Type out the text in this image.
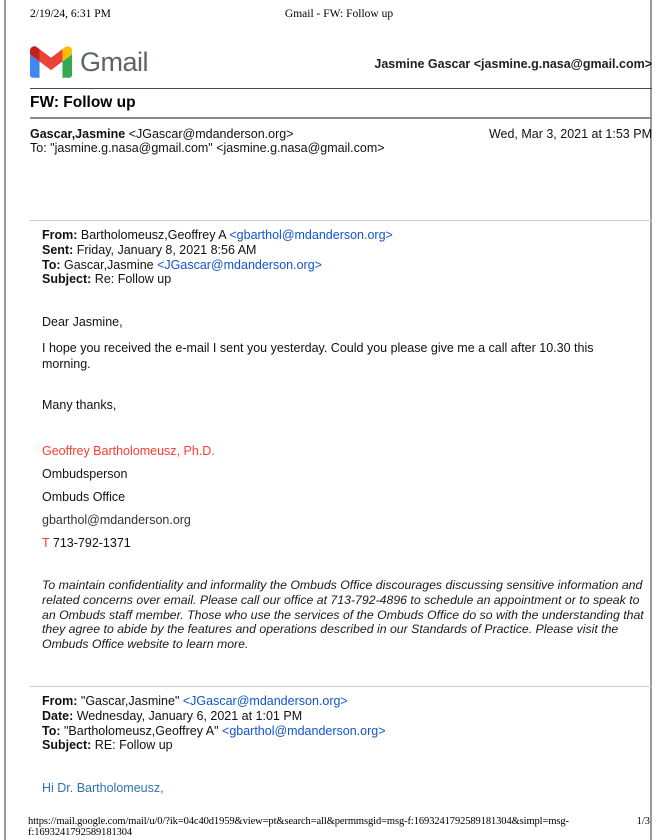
2/19/24, 6:31 PM	Gmail - FW: Follow up
Gmail	Jasmine Gascar <jasmine.g.nasa@gmail.com>
FW: Follow up
Gascar,Jasmine <JGascar@mdanderson.org>	Wed, Mar 3, 2021 at 1:53 PM
To: "jasmine.g.nasa@gmail.com" <jasmine.g.nasa@gmail.com>
From: Bartholomeusz,Geoffrey A <gbarthol@mdanderson.org>
Sent: Friday, January 8, 2021 8:56 AM
To: Gascar,Jasmine <JGascar@mdanderson.org>
Subject: Re: Follow up
Dear Jasmine,
I hope you received the e-mail I sent you yesterday. Could you please give me a call after 10.30 this morning.
Many thanks,
Geoffrey Bartholomeusz, Ph.D.
Ombudsperson
Ombuds Office
gbarthol@mdanderson.org
T 713-792-1371
To maintain confidentiality and informality the Ombuds Office discourages discussing sensitive information and related concerns over email. Please call our office at 713-792-4896 to schedule an appointment or to speak to an Ombuds staff member. Those who use the services of the Ombuds Office do so with the understanding that they agree to abide by the features and operations described in our Standards of Practice. Please visit the Ombuds Office website to learn more.
From: "Gascar,Jasmine" <JGascar@mdanderson.org>
Date: Wednesday, January 6, 2021 at 1:01 PM
To: "Bartholomeusz,Geoffrey A" <gbarthol@mdanderson.org>
Subject: RE: Follow up
Hi Dr. Bartholomeusz,
https://mail.google.com/mail/u/0/?ik=04c40d1959&view=pt&search=all&permmsgid=msg-f:1693241792589181304&simpl=msg-f:1693241792589181304
1/3
